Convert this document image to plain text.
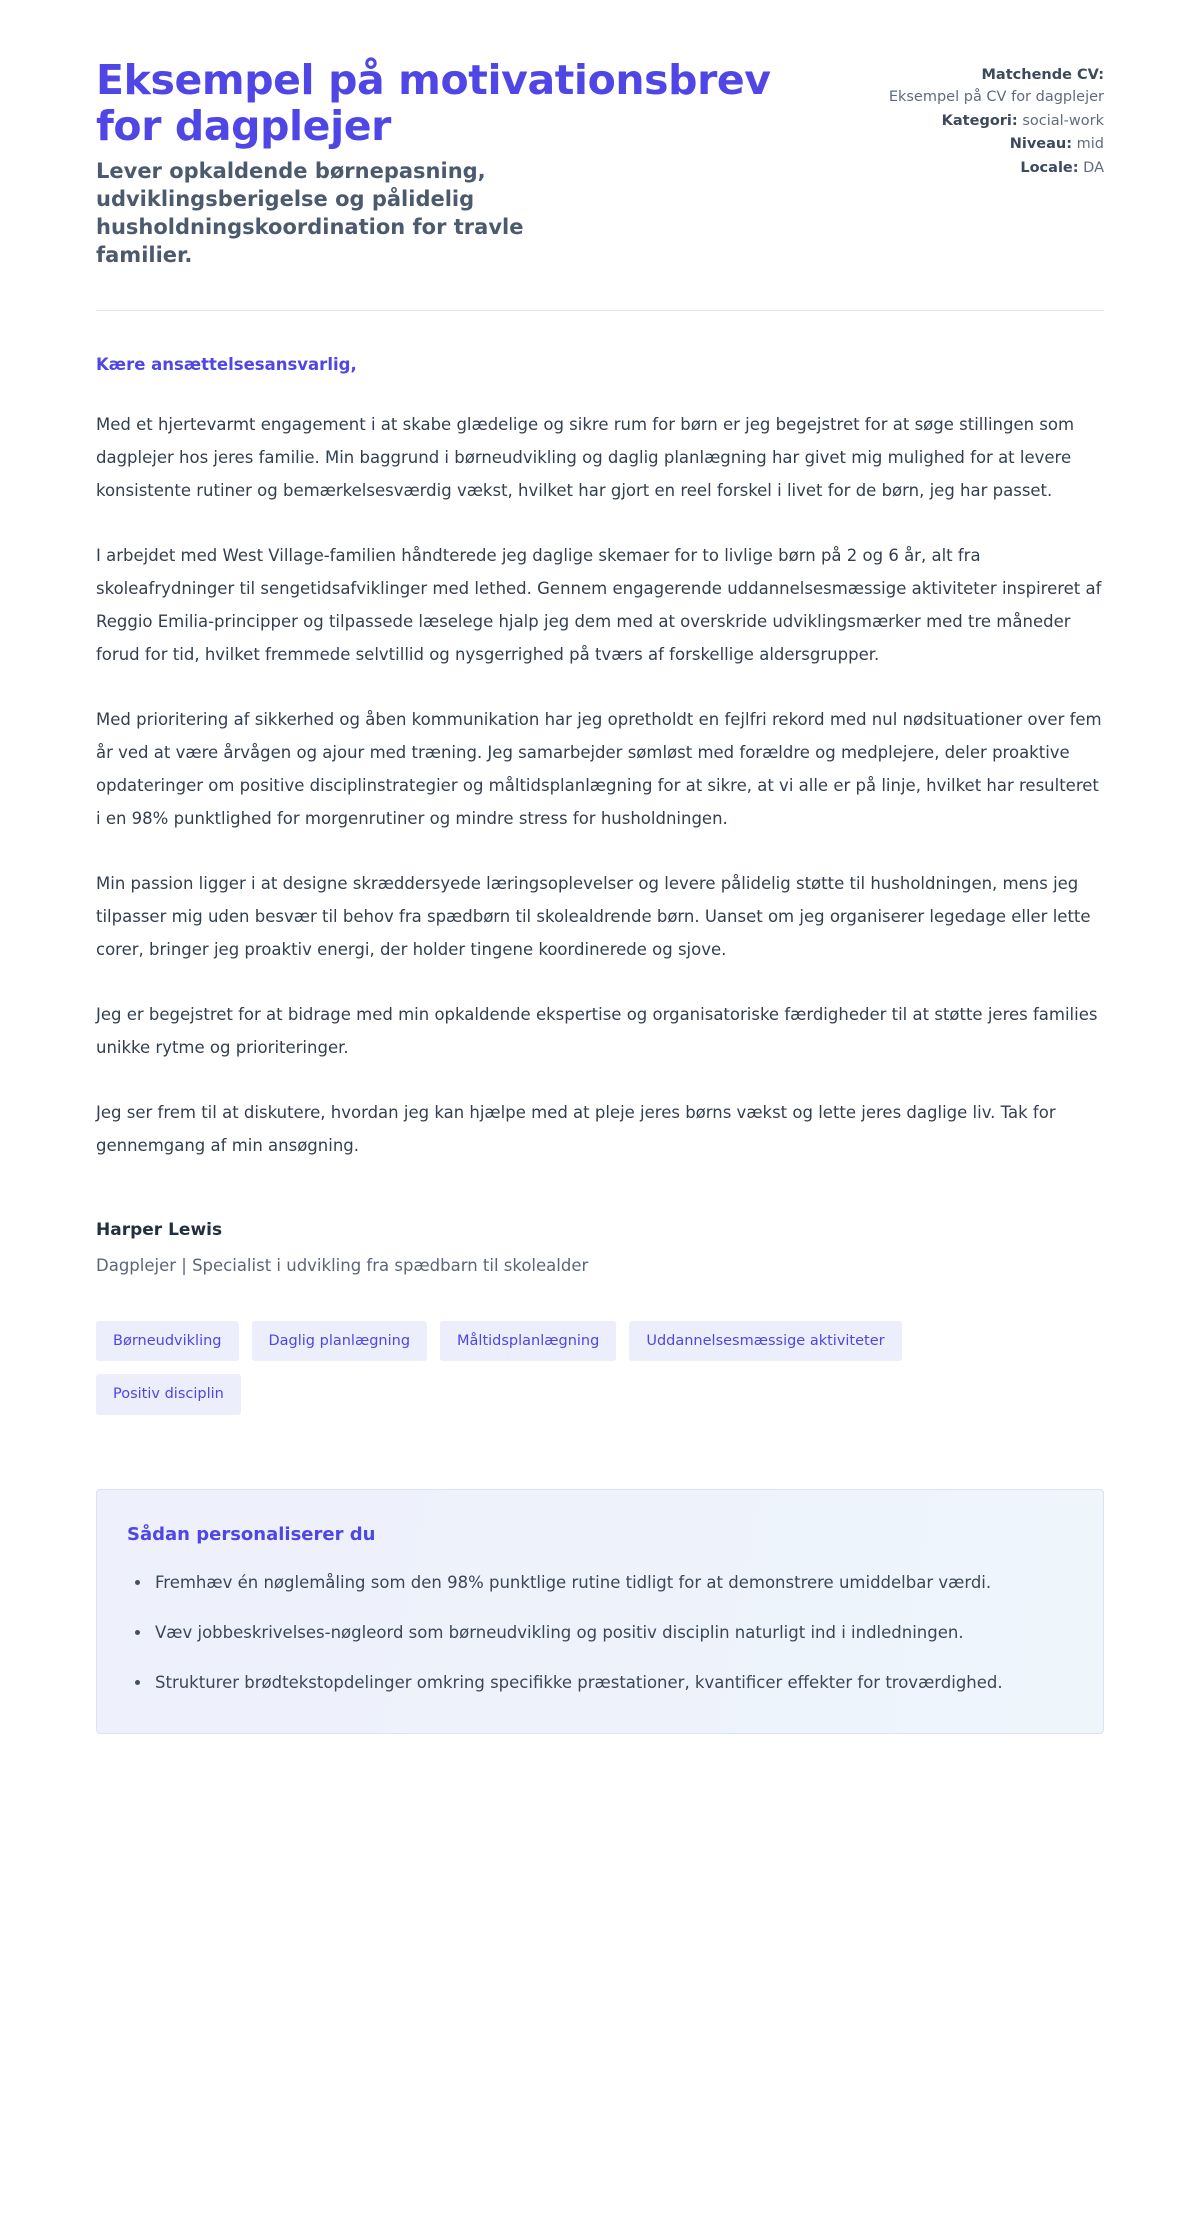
Eksempel på motivationsbrev for dagplejer

Lever opkaldende børnepasning, udviklingsberigelse og pålidelig husholdningskoordination for travle familier.

Matchende CV:
Eksempel på CV for dagplejer
Kategori: social-work
Niveau: mid
Locale: DA

Kære ansættelsesansvarlig,

Med et hjertevarmt engagement i at skabe glædelige og sikre rum for børn er jeg begejstret for at søge stillingen som dagplejer hos jeres familie. Min baggrund i børneudvikling og daglig planlægning har givet mig mulighed for at levere konsistente rutiner og bemærkelsesværdig vækst, hvilket har gjort en reel forskel i livet for de børn, jeg har passet.

I arbejdet med West Village-familien håndterede jeg daglige skemaer for to livlige børn på 2 og 6 år, alt fra skoleafrydninger til sengetidsafviklinger med lethed. Gennem engagerende uddannelsesmæssige aktiviteter inspireret af Reggio Emilia-principper og tilpassede læselege hjalp jeg dem med at overskride udviklingsmærker med tre måneder forud for tid, hvilket fremmede selvtillid og nysgerrighed på tværs af forskellige aldersgrupper.

Med prioritering af sikkerhed og åben kommunikation har jeg opretholdt en fejlfri rekord med nul nødsituationer over fem år ved at være årvågen og ajour med træning. Jeg samarbejder sømløst med forældre og medplejere, deler proaktive opdateringer om positive disciplinstrategier og måltidsplanlægning for at sikre, at vi alle er på linje, hvilket har resulteret i en 98% punktlighed for morgenrutiner og mindre stress for husholdningen.

Min passion ligger i at designe skræddersyede læringsoplevelser og levere pålidelig støtte til husholdningen, mens jeg tilpasser mig uden besvær til behov fra spædbørn til skolealdrende børn. Uanset om jeg organiserer legedage eller lette corer, bringer jeg proaktiv energi, der holder tingene koordinerede og sjove.

Jeg er begejstret for at bidrage med min opkaldende ekspertise og organisatoriske færdigheder til at støtte jeres families unikke rytme og prioriteringer.

Jeg ser frem til at diskutere, hvordan jeg kan hjælpe med at pleje jeres børns vækst og lette jeres daglige liv. Tak for gennemgang af min ansøgning.

Harper Lewis

Dagplejer | Specialist i udvikling fra spædbarn til skolealder

Børneudvikling	Daglig planlægning	Måltidsplanlægning	Uddannelsesmæssige aktiviteter
Positiv disciplin
Sådan personaliserer du
Fremhæv én nøglemåling som den 98% punktlige rutine tidligt for at demonstrere umiddelbar værdi.
Væv jobbeskrivelses-nøgleord som børneudvikling og positiv disciplin naturligt ind i indledningen.
Strukturer brødtekstopdelinger omkring specifikke præstationer, kvantificer effekter for troværdighed.
